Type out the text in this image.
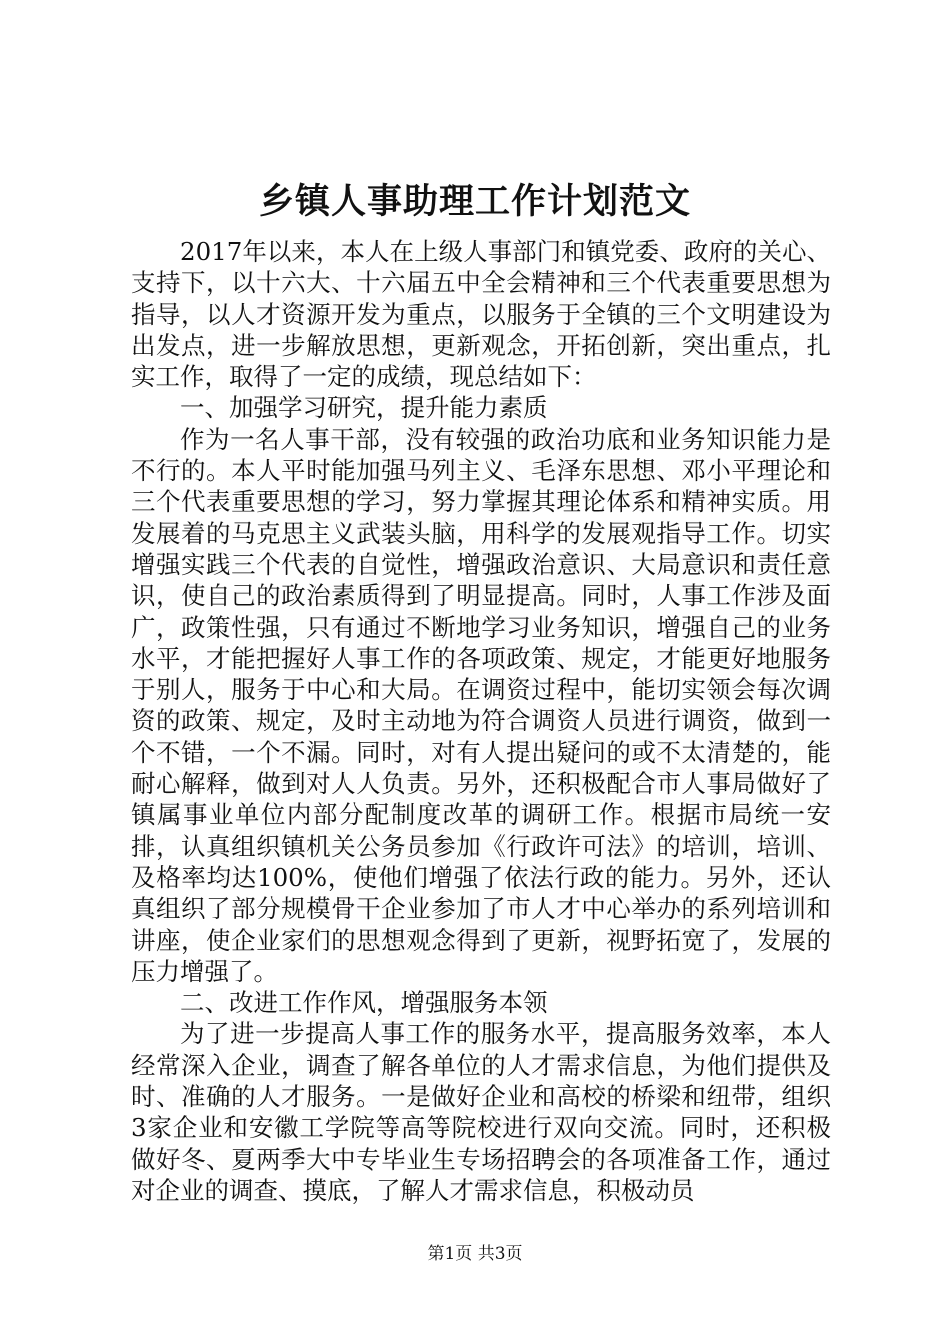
乡镇人事助理工作计划范文

2017年以来，本人在上级人事部门和镇党委、政府的关心、支持下，以十六大、十六届五中全会精神和三个代表重要思想为指导，以人才资源开发为重点，以服务于全镇的三个文明建设为出发点，进一步解放思想，更新观念，开拓创新，突出重点，扎实工作，取得了一定的成绩，现总结如下：

一、加强学习研究，提升能力素质

作为一名人事干部，没有较强的政治功底和业务知识能力是不行的。本人平时能加强马列主义、毛泽东思想、邓小平理论和三个代表重要思想的学习，努力掌握其理论体系和精神实质。用发展着的马克思主义武装头脑，用科学的发展观指导工作。切实增强实践三个代表的自觉性，增强政治意识、大局意识和责任意识，使自己的政治素质得到了明显提高。同时，人事工作涉及面广，政策性强，只有通过不断地学习业务知识，增强自己的业务水平，才能把握好人事工作的各项政策、规定，才能更好地服务于别人，服务于中心和大局。在调资过程中，能切实领会每次调资的政策、规定，及时主动地为符合调资人员进行调资，做到一个不错，一个不漏。同时，对有人提出疑问的或不太清楚的，能耐心解释，做到对人人负责。另外，还积极配合市人事局做好了镇属事业单位内部分配制度改革的调研工作。根据市局统一安排，认真组织镇机关公务员参加《行政许可法》的培训，培训、及格率均达100%，使他们增强了依法行政的能力。另外，还认真组织了部分规模骨干企业参加了市人才中心举办的系列培训和讲座，使企业家们的思想观念得到了更新，视野拓宽了，发展的压力增强了。

二、改进工作作风，增强服务本领

为了进一步提高人事工作的服务水平，提高服务效率，本人经常深入企业，调查了解各单位的人才需求信息，为他们提供及时、准确的人才服务。一是做好企业和高校的桥梁和纽带，组织3家企业和安徽工学院等高等院校进行双向交流。同时，还积极做好冬、夏两季大中专毕业生专场招聘会的各项准备工作，通过对企业的调查、摸底，了解人才需求信息，积极动员

第1页 共3页
